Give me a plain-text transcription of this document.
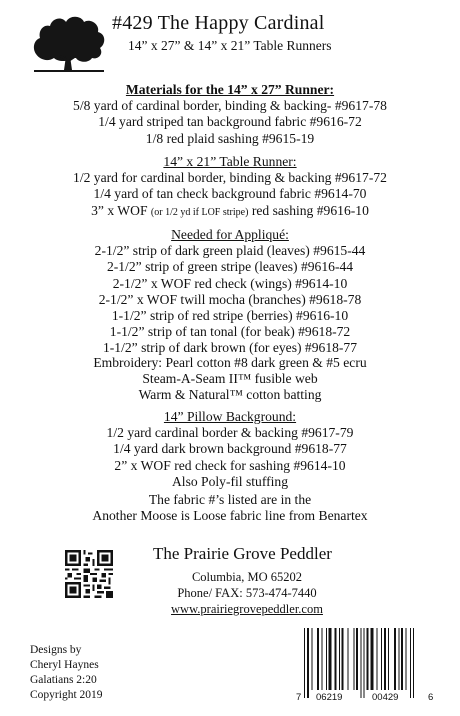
#429 The Happy Cardinal
14” x 27” & 14” x 21” Table Runners
Materials for the 14” x 27” Runner:
5/8 yard of cardinal border, binding & backing- #9617-78
1/4 yard striped tan background fabric #9616-72
1/8 red plaid sashing #9615-19
14” x 21” Table Runner:
1/2 yard for cardinal border, binding & backing #9617-72
1/4 yard of tan check background fabric #9614-70
3” x WOF (or 1/2 yd if LOF stripe) red sashing #9616-10
Needed for Appliqué:
2-1/2” strip of dark green plaid (leaves) #9615-44
2-1/2” strip of green stripe (leaves) #9616-44
2-1/2” x WOF red check (wings) #9614-10
2-1/2” x WOF twill mocha (branches) #9618-78
1-1/2” strip of red stripe (berries) #9616-10
1-1/2” strip of tan tonal (for beak) #9618-72
1-1/2” strip of dark brown (for eyes) #9618-77
Embroidery: Pearl cotton #8 dark green & #5 ecru
Steam-A-Seam II™ fusible web
Warm & Natural™ cotton batting
14” Pillow Background:
1/2 yard cardinal border & backing #9617-79
1/4 yard dark brown background #9618-77
2” x WOF red check for sashing #9614-10
Also Poly-fil stuffing
The fabric #’s listed are in the
Another Moose is Loose fabric line from Benartex
The Prairie Grove Peddler
Columbia, MO 65202
Phone/ FAX: 573-474-7440
www.prairiegrovepeddler.com
Designs by
Cheryl Haynes
Galatians 2:20
Copyright 2019	7 06219	00429	6
